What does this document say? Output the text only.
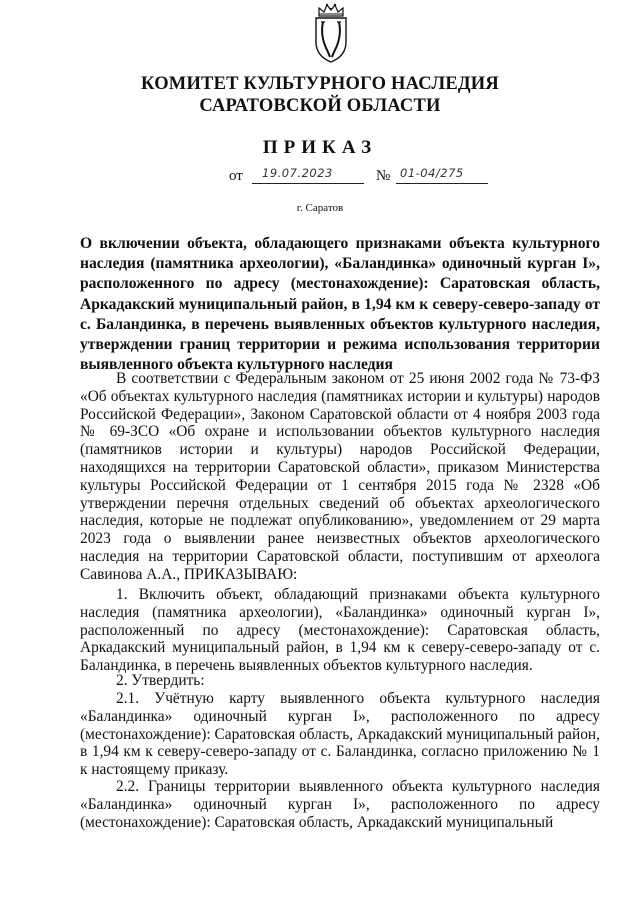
КОМИТЕТ КУЛЬТУРНОГО НАСЛЕДИЯ
САРАТОВСКОЙ ОБЛАСТИ
ПРИКАЗ
от 19.07.2023	№ 01-04/275
г. Саратов
О включении объекта, обладающего признаками объекта культурного наследия (памятника археологии), «Баландинка» одиночный курган I», расположенного по адресу (местонахождение): Саратовская область, Аркадакский муниципальный район, в 1,94 км к северу-северо-западу от с. Баландинка, в перечень выявленных объектов культурного наследия, утверждении границ территории и режима использования территории выявленного объекта культурного наследия
В соответствии с Федеральным законом от 25 июня 2002 года № 73-ФЗ «Об объектах культурного наследия (памятниках истории и культуры) народов Российской Федерации», Законом Саратовской области от 4 ноября 2003 года № 69-ЗСО «Об охране и использовании объектов культурного наследия (памятников истории и культуры) народов Российской Федерации, находящихся на территории Саратовской области», приказом Министерства культуры Российской Федерации от 1 сентября 2015 года № 2328 «Об утверждении перечня отдельных сведений об объектах археологического наследия, которые не подлежат опубликованию», уведомлением от 29 марта 2023 года о выявлении ранее неизвестных объектов археологического наследия на территории Саратовской области, поступившим от археолога Савинова А.А., ПРИКАЗЫВАЮ:
1. Включить объект, обладающий признаками объекта культурного наследия (памятника археологии), «Баландинка» одиночный курган I», расположенный по адресу (местонахождение): Саратовская область, Аркадакский муниципальный район, в 1,94 км к северу-северо-западу от с. Баландинка, в перечень выявленных объектов культурного наследия.
2. Утвердить:
2.1. Учётную карту выявленного объекта культурного наследия «Баландинка» одиночный курган I», расположенного по адресу (местонахождение): Саратовская область, Аркадакский муниципальный район, в 1,94 км к северу-северо-западу от с. Баландинка, согласно приложению № 1 к настоящему приказу.
2.2. Границы территории выявленного объекта культурного наследия «Баландинка» одиночный курган I», расположенного по адресу (местонахождение): Саратовская область, Аркадакский муниципальный
